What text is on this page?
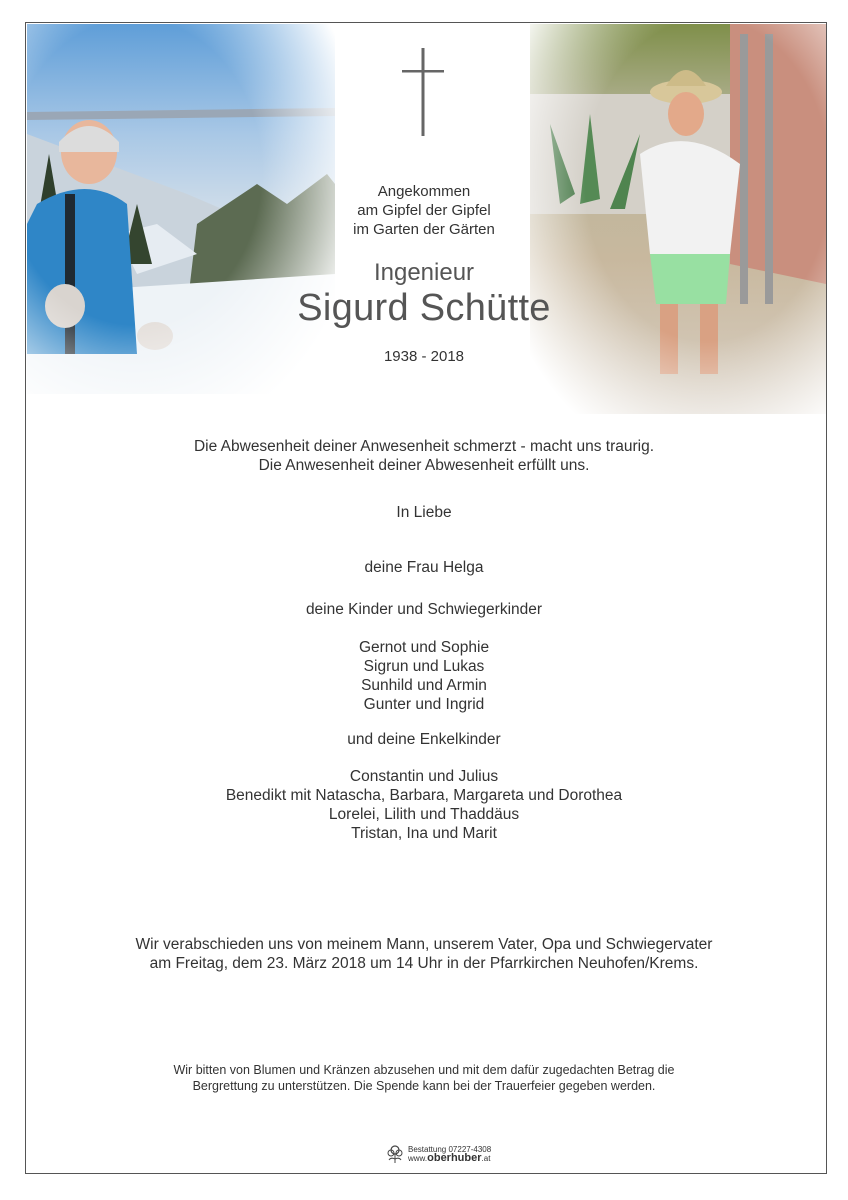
Angekommen
am Gipfel der Gipfel
im Garten der Gärten
Ingenieur
Sigurd Schütte
1938 - 2018
Die Abwesenheit deiner Anwesenheit schmerzt - macht uns traurig.
Die Anwesenheit deiner Abwesenheit erfüllt uns.
In Liebe
deine Frau Helga
deine Kinder und Schwiegerkinder
Gernot und Sophie
Sigrun und Lukas
Sunhild und Armin
Gunter und Ingrid
und deine Enkelkinder
Constantin und Julius
Benedikt mit Natascha, Barbara, Margareta und Dorothea
Lorelei, Lilith und Thaddäus
Tristan, Ina und Marit
Wir verabschieden uns von meinem Mann, unserem Vater, Opa und Schwiegervater
am Freitag, dem 23. März 2018 um 14 Uhr in der Pfarrkirchen Neuhofen/Krems.
Wir bitten von Blumen und Kränzen abzusehen und mit dem dafür zugedachten Betrag die
Bergrettung zu unterstützen. Die Spende kann bei der Trauerfeier gegeben werden.
Bestattung 07227-4308
www.oberhuber.at
